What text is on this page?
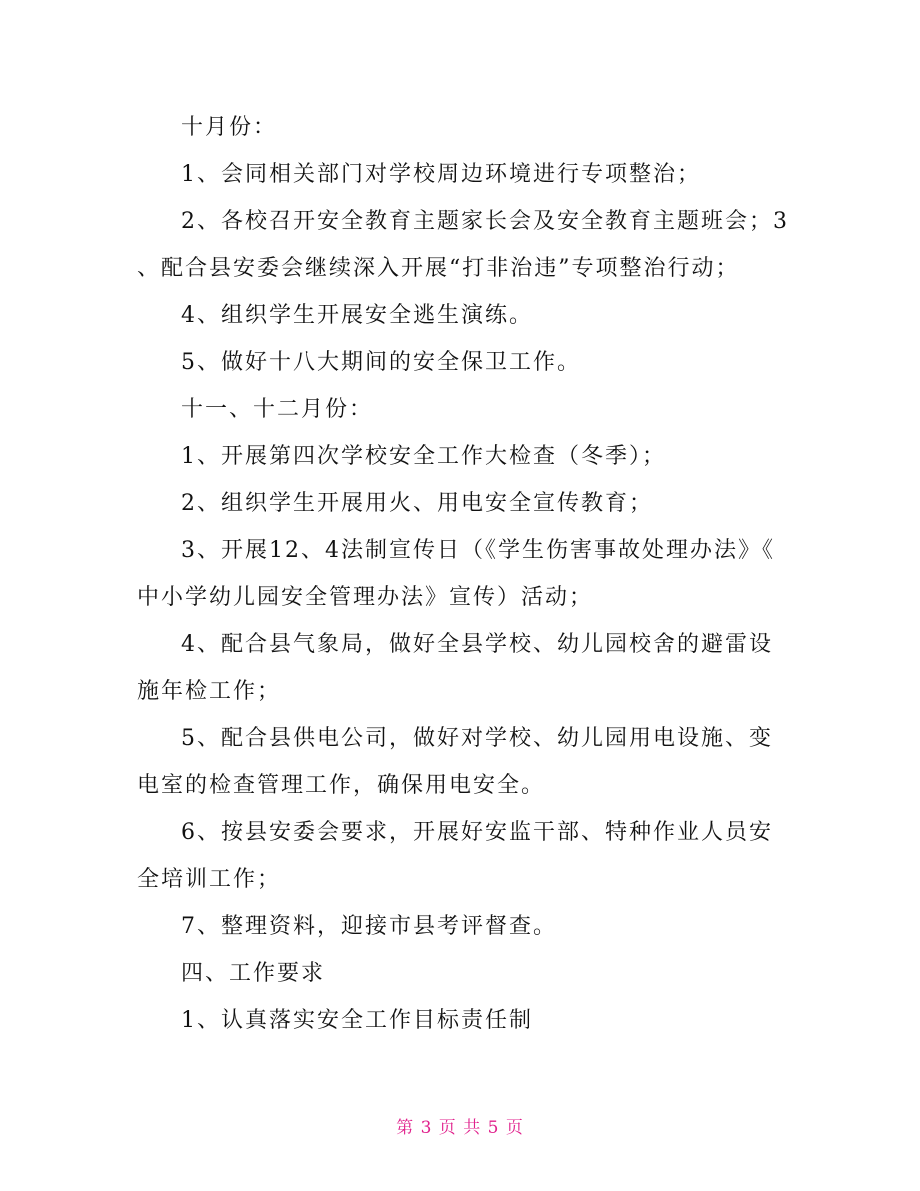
十月份：

1、会同相关部门对学校周边环境进行专项整治；

2、各校召开安全教育主题家长会及安全教育主题班会；3

、配合县安委会继续深入开展“打非治违”专项整治行动；

4、组织学生开展安全逃生演练。

5、做好十八大期间的安全保卫工作。

十一、十二月份：

1、开展第四次学校安全工作大检查（冬季）；

2、组织学生开展用火、用电安全宣传教育；

3、开展12、4法制宣传日（《学生伤害事故处理办法》《

中小学幼儿园安全管理办法》宣传）活动；

4、配合县气象局，做好全县学校、幼儿园校舍的避雷设

施年检工作；

5、配合县供电公司，做好对学校、幼儿园用电设施、变

电室的检查管理工作，确保用电安全。

6、按县安委会要求，开展好安监干部、特种作业人员安

全培训工作；

7、整理资料，迎接市县考评督查。

四、工作要求

1、认真落实安全工作目标责任制

第 3 页 共 5 页
